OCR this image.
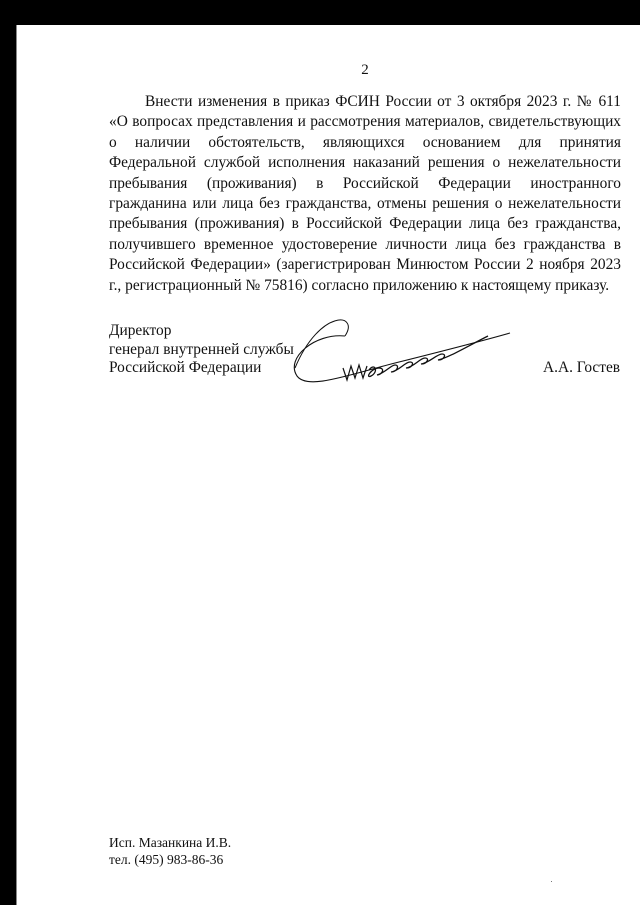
2

Внести изменения в приказ ФСИН России от 3 октября 2023 г. № 611 «О вопросах представления и рассмотрения материалов, свидетельствующих о наличии обстоятельств, являющихся основанием для принятия Федеральной службой исполнения наказаний решения о нежелательности пребывания (проживания) в Российской Федерации иностранного гражданина или лица без гражданства, отмены решения о нежелательности пребывания (проживания) в Российской Федерации лица без гражданства, получившего временное удостоверение личности лица без гражданства в Российской Федерации» (зарегистрирован Минюстом России 2 ноября 2023 г., регистрационный № 75816) согласно приложению к настоящему приказу.

Директор
генерал внутренней службы
Российской Федерации	А.А. Гостев
Исп. Мазанкина И.В.
тел. (495) 983-86-36
